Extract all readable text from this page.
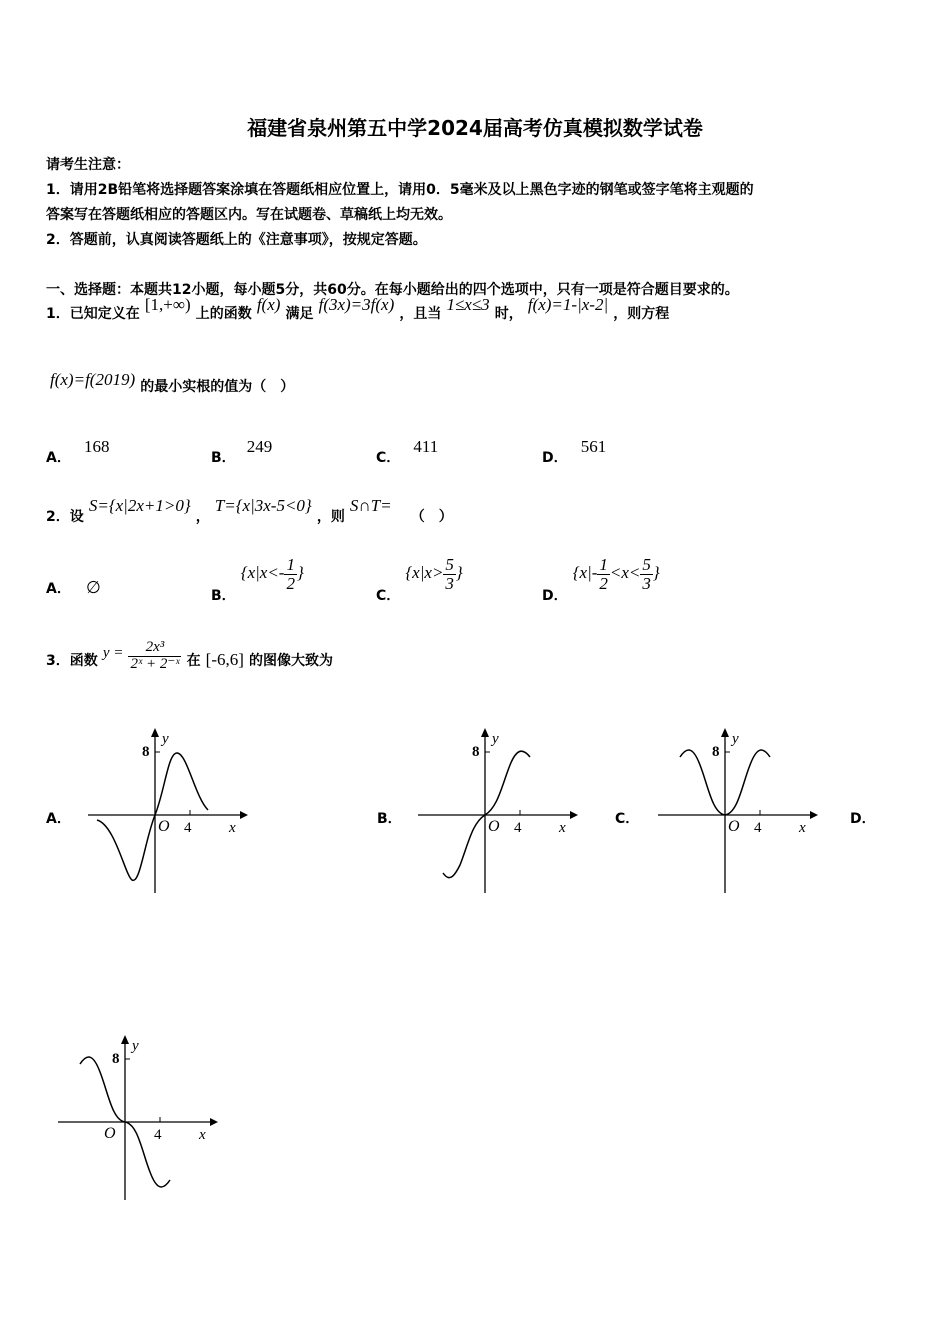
福建省泉州第五中学2024届高考仿真模拟数学试卷
请考生注意：
1．请用2B铅笔将选择题答案涂填在答题纸相应位置上，请用0．5毫米及以上黑色字迹的钢笔或签字笔将主观题的
答案写在答题纸相应的答题区内。写在试题卷、草稿纸上均无效。
2．答题前，认真阅读答题纸上的《注意事项》，按规定答题。
一、选择题：本题共12小题，每小题5分，共60分。在每小题给出的四个选项中，只有一项是符合题目要求的。
1．已知定义在 [1,+∞) 上的函数 f(x) 满足 f(3x)=3f(x) ，且当 1≤x≤3 时， f(x)=1-|x-2| ，则方程
f(x)=f(2019) 的最小实根的值为（　）
A． 168
B． 249
C． 411
D． 561
2．设 S={x|2x+1>0} ， T={x|3x-5<0} ，则 S∩T= （　）
A． ∅	B． {$x|x<- \frac{1}{2}$ }
C． {$x|x> \frac{5}{3}$ }
D． {$x|- \frac{1}{2} <x< \frac{5}{3}$ }
3．函数 $y = \frac{\text{2x³}}{\text{2ˣ + 2⁻ˣ}}$ 在 [-6,6] 的图像大致为
A．	B．	C．	D．
8
y
O 4	x
8
y
O 4	x
8
y
O 4	x
8
y
O	4	x
